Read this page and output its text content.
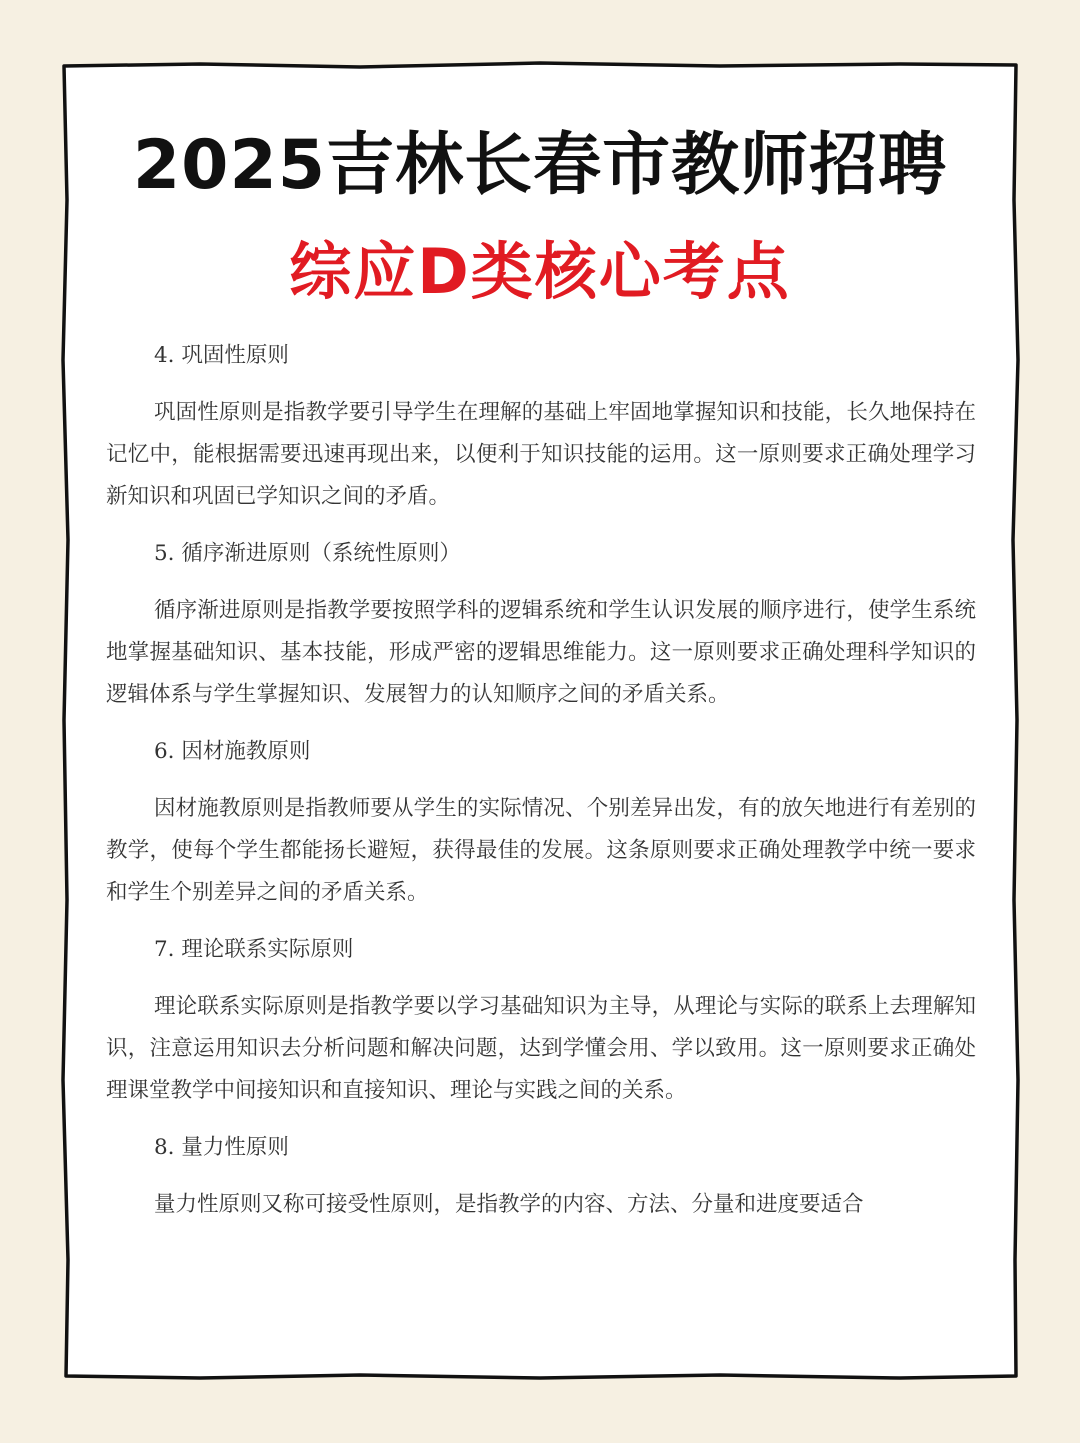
2025吉林长春市教师招聘
综应D类核心考点
4. 巩固性原则

巩固性原则是指教学要引导学生在理解的基础上牢固地掌握知识和技能，长久地保持在记忆中，能根据需要迅速再现出来，以便利于知识技能的运用。这一原则要求正确处理学习新知识和巩固已学知识之间的矛盾。

5. 循序渐进原则（系统性原则）

循序渐进原则是指教学要按照学科的逻辑系统和学生认识发展的顺序进行，使学生系统地掌握基础知识、基本技能，形成严密的逻辑思维能力。这一原则要求正确处理科学知识的逻辑体系与学生掌握知识、发展智力的认知顺序之间的矛盾关系。

6. 因材施教原则

因材施教原则是指教师要从学生的实际情况、个别差异出发，有的放矢地进行有差别的教学，使每个学生都能扬长避短，获得最佳的发展。这条原则要求正确处理教学中统一要求和学生个别差异之间的矛盾关系。

7. 理论联系实际原则

理论联系实际原则是指教学要以学习基础知识为主导，从理论与实际的联系上去理解知识，注意运用知识去分析问题和解决问题，达到学懂会用、学以致用。这一原则要求正确处理课堂教学中间接知识和直接知识、理论与实践之间的关系。

8. 量力性原则

量力性原则又称可接受性原则，是指教学的内容、方法、分量和进度要适合
